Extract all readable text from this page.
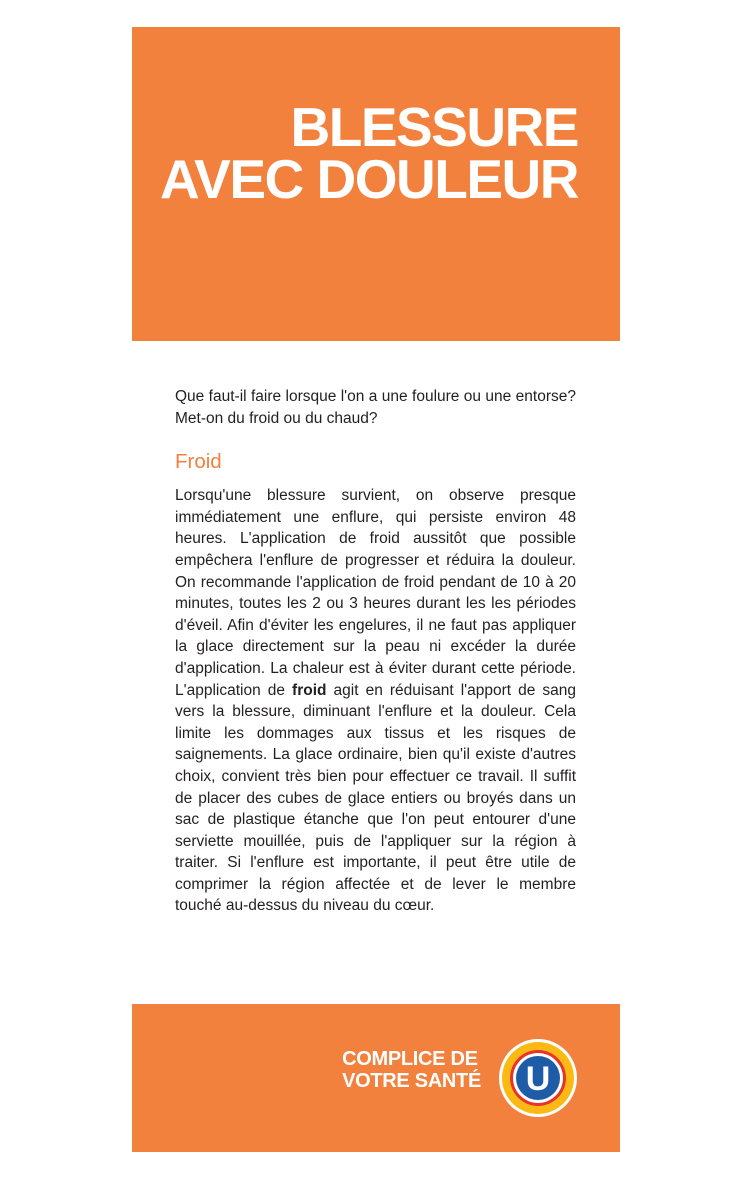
BLESSURE
AVEC DOULEUR

Que faut-il faire lorsque l'on a une foulure ou une entorse? Met-on du froid ou du chaud?

Froid

Lorsqu'une blessure survient, on observe presque immédiatement une enflure, qui persiste environ 48 heures. L'application de froid aussitôt que possible empêchera l'enflure de progresser et réduira la douleur. On recommande l'application de froid pendant de 10 à 20 minutes, toutes les 2 ou 3 heures durant les les périodes d'éveil. Afin d'éviter les engelures, il ne faut pas appliquer la glace directement sur la peau ni excéder la durée d'application. La chaleur est à éviter durant cette période. L'application de froid agit en réduisant l'apport de sang vers la blessure, diminuant l'enflure et la douleur. Cela limite les dommages aux tissus et les risques de saignements. La glace ordinaire, bien qu'il existe d'autres choix, convient très bien pour effectuer ce travail. Il suffit de placer des cubes de glace entiers ou broyés dans un sac de plastique étanche que l'on peut entourer d'une serviette mouillée, puis de l'appliquer sur la région à traiter. Si l'enflure est importante, il peut être utile de comprimer la région affectée et de lever le membre touché au-dessus du niveau du cœur.

COMPLICE DE
VOTRE SANTÉ U
